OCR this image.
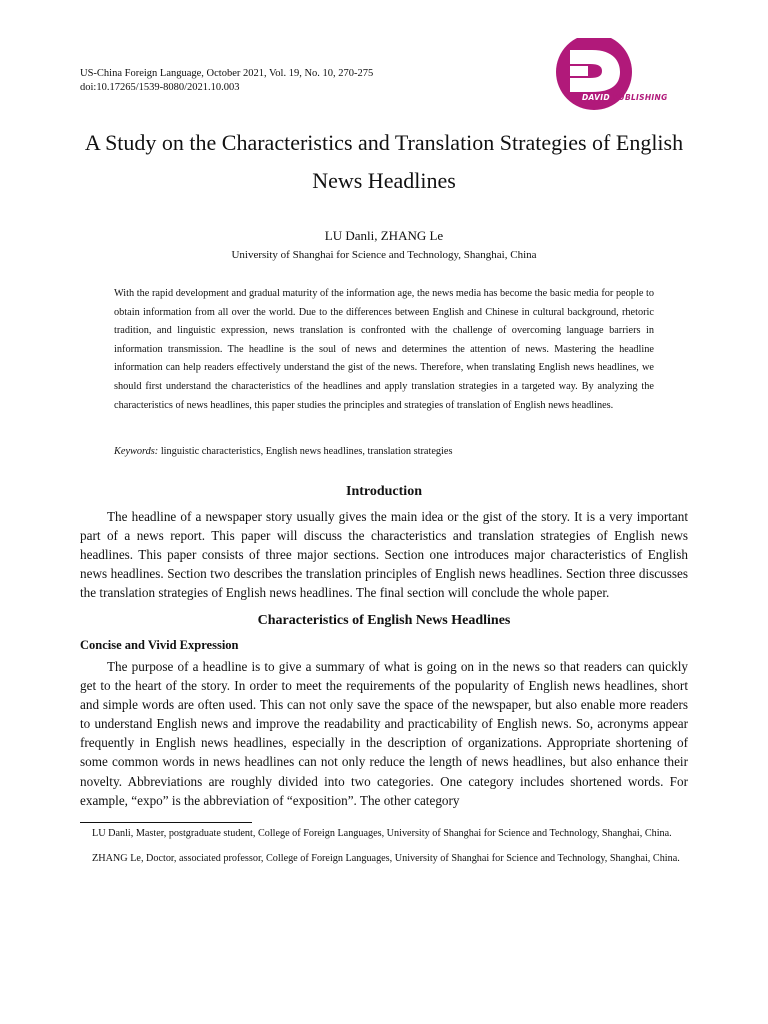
US-China Foreign Language, October 2021, Vol. 19, No. 10, 270-275
doi:10.17265/1539-8080/2021.10.003
DAVID PUBLISHING
A Study on the Characteristics and Translation Strategies of English News Headlines
LU Danli, ZHANG Le
University of Shanghai for Science and Technology, Shanghai, China

With the rapid development and gradual maturity of the information age, the news media has become the basic media for people to obtain information from all over the world. Due to the differences between English and Chinese in cultural background, rhetoric tradition, and linguistic expression, news translation is confronted with the challenge of overcoming language barriers in information transmission. The headline is the soul of news and determines the attention of news. Mastering the headline information can help readers effectively understand the gist of the news. Therefore, when translating English news headlines, we should first understand the characteristics of the headlines and apply translation strategies in a targeted way. By analyzing the characteristics of news headlines, this paper studies the principles and strategies of translation of English news headlines.

Keywords: linguistic characteristics, English news headlines, translation strategies
Introduction

The headline of a newspaper story usually gives the main idea or the gist of the story. It is a very important part of a news report. This paper will discuss the characteristics and translation strategies of English news headlines. This paper consists of three major sections. Section one introduces major characteristics of English news headlines. Section two describes the translation principles of English news headlines. Section three discusses the translation strategies of English news headlines. The final section will conclude the whole paper.

Characteristics of English News Headlines
Concise and Vivid Expression

The purpose of a headline is to give a summary of what is going on in the news so that readers can quickly get to the heart of the story. In order to meet the requirements of the popularity of English news headlines, short and simple words are often used. This can not only save the space of the newspaper, but also enable more readers to understand English news and improve the readability and practicability of English news. So, acronyms appear frequently in English news headlines, especially in the description of organizations. Appropriate shortening of some common words in news headlines can not only reduce the length of news headlines, but also enhance their novelty. Abbreviations are roughly divided into two categories. One category includes shortened words. For example, “expo” is the abbreviation of “exposition”. The other category

LU Danli, Master, postgraduate student, College of Foreign Languages, University of Shanghai for Science and Technology, Shanghai, China.

ZHANG Le, Doctor, associated professor, College of Foreign Languages, University of Shanghai for Science and Technology, Shanghai, China.
